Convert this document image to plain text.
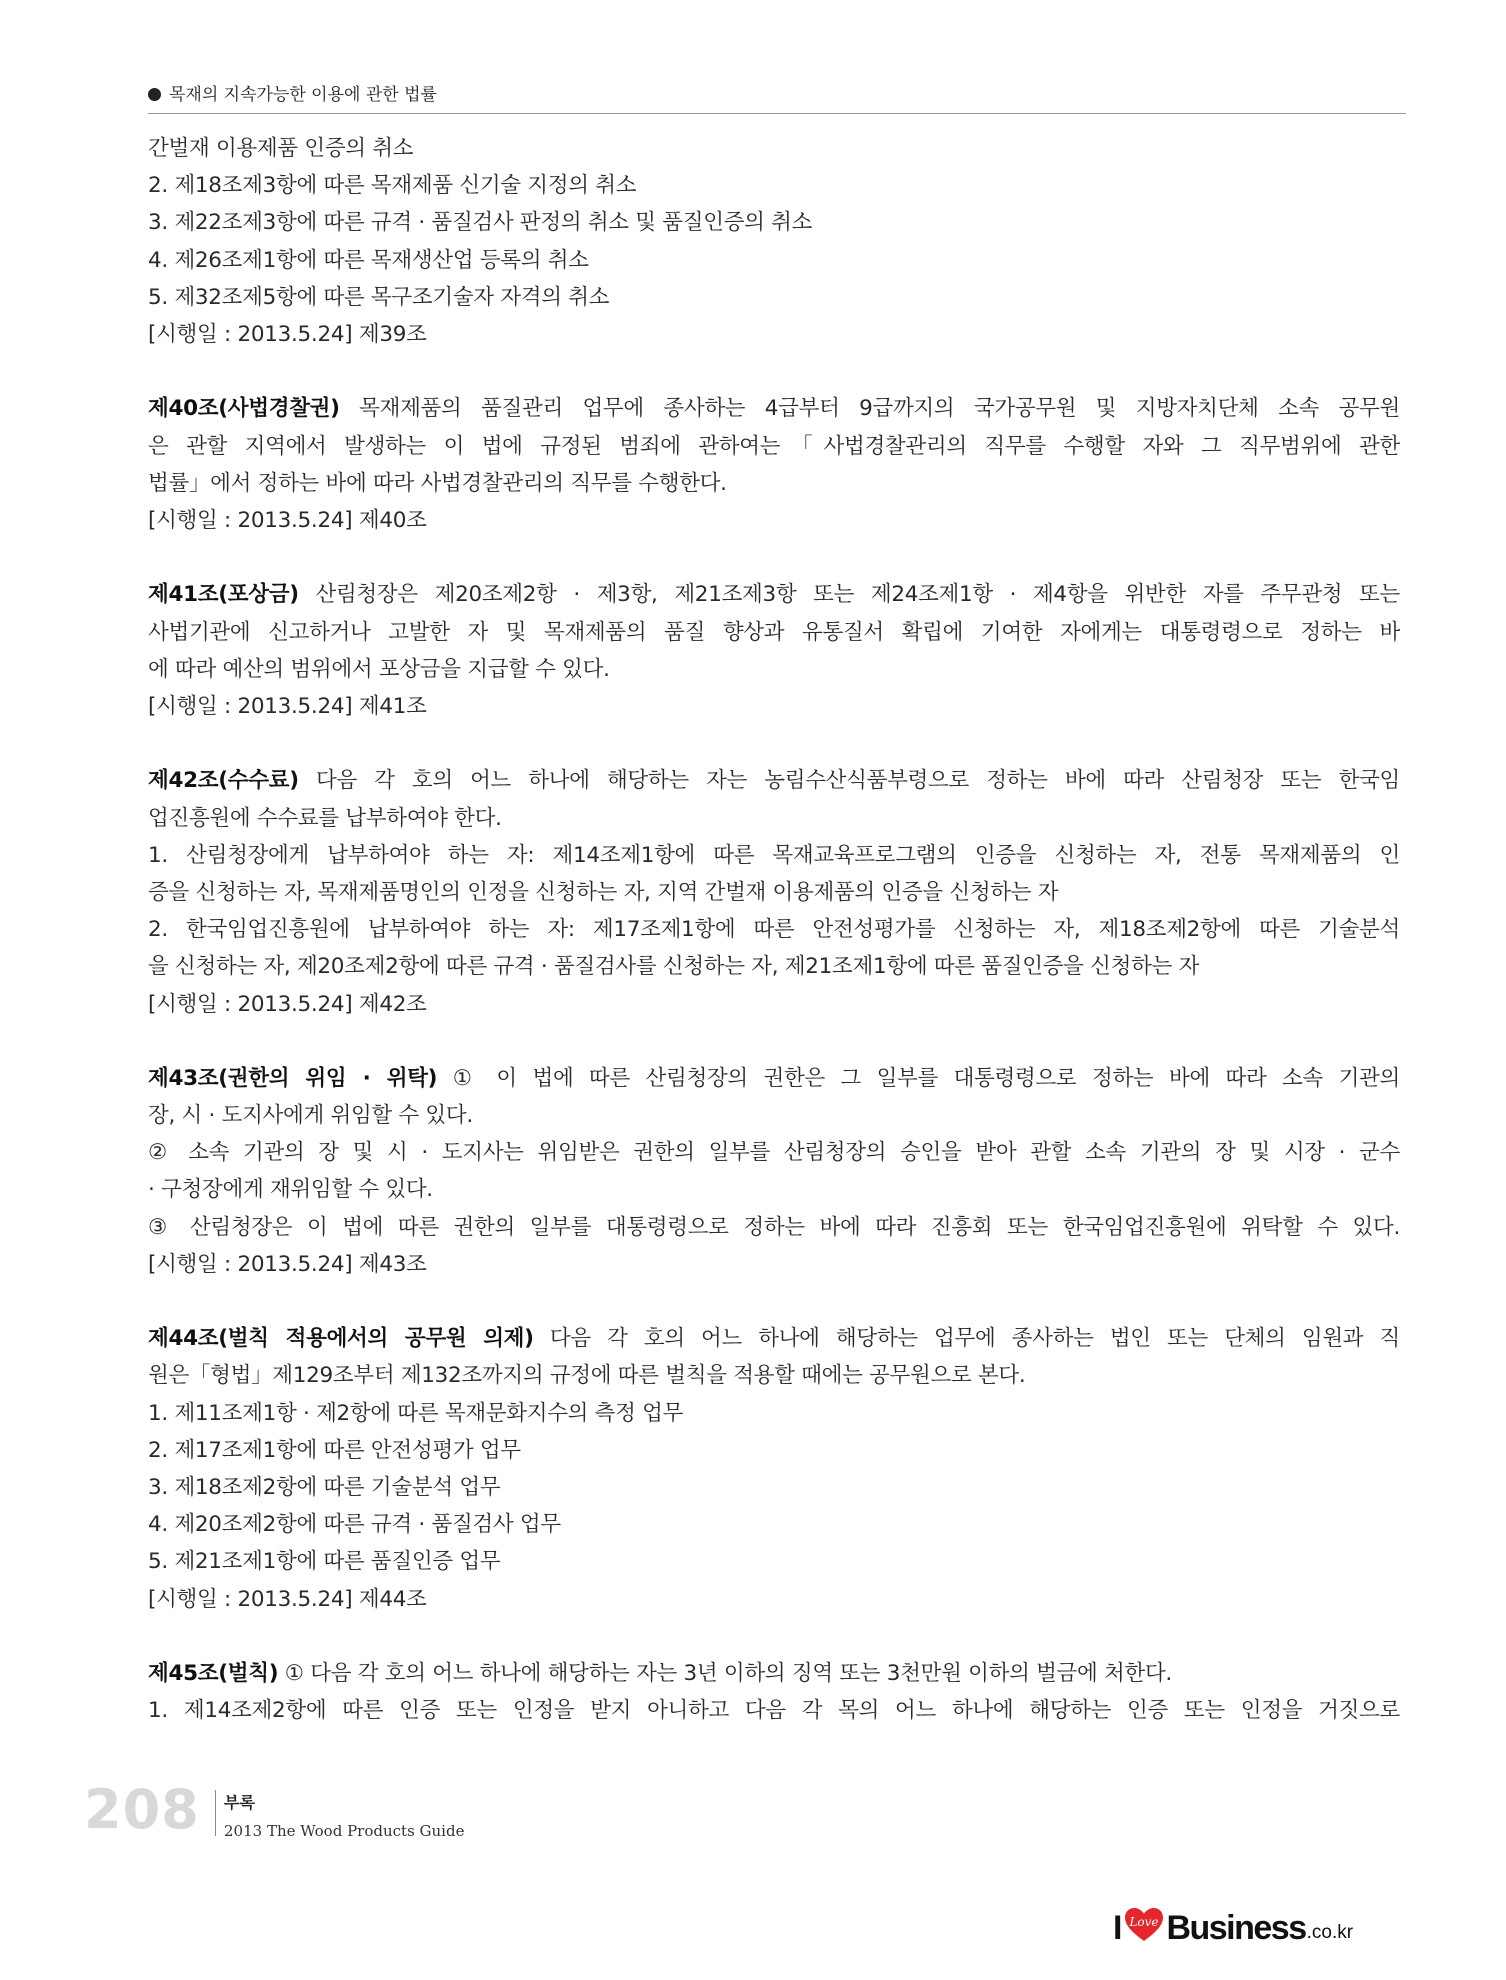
목재의 지속가능한 이용에 관한 법률
간벌재 이용제품 인증의 취소
2. 제18조제3항에 따른 목재제품 신기술 지정의 취소
3. 제22조제3항에 따른 규격 · 품질검사 판정의 취소 및 품질인증의 취소
4. 제26조제1항에 따른 목재생산업 등록의 취소
5. 제32조제5항에 따른 목구조기술자 자격의 취소
[시행일 : 2013.5.24] 제39조
제40조(사법경찰권) 목재제품의 품질관리 업무에 종사하는 4급부터 9급까지의 국가공무원 및 지방자치단체 소속 공무원
은 관할 지역에서 발생하는 이 법에 규정된 범죄에 관하여는「사법경찰관리의 직무를 수행할 자와 그 직무범위에 관한
법률」에서 정하는 바에 따라 사법경찰관리의 직무를 수행한다.
[시행일 : 2013.5.24] 제40조
제41조(포상금) 산림청장은 제20조제2항 · 제3항, 제21조제3항 또는 제24조제1항 · 제4항을 위반한 자를 주무관청 또는
사법기관에 신고하거나 고발한 자 및 목재제품의 품질 향상과 유통질서 확립에 기여한 자에게는 대통령령으로 정하는 바
에 따라 예산의 범위에서 포상금을 지급할 수 있다.
[시행일 : 2013.5.24] 제41조
제42조(수수료) 다음 각 호의 어느 하나에 해당하는 자는 농림수산식품부령으로 정하는 바에 따라 산림청장 또는 한국임
업진흥원에 수수료를 납부하여야 한다.
1. 산림청장에게 납부하여야 하는 자: 제14조제1항에 따른 목재교육프로그램의 인증을 신청하는 자, 전통 목재제품의 인
증을 신청하는 자, 목재제품명인의 인정을 신청하는 자, 지역 간벌재 이용제품의 인증을 신청하는 자
2. 한국임업진흥원에 납부하여야 하는 자: 제17조제1항에 따른 안전성평가를 신청하는 자, 제18조제2항에 따른 기술분석
을 신청하는 자, 제20조제2항에 따른 규격 · 품질검사를 신청하는 자, 제21조제1항에 따른 품질인증을 신청하는 자
[시행일 : 2013.5.24] 제42조
제43조(권한의 위임 · 위탁) ① 이 법에 따른 산림청장의 권한은 그 일부를 대통령령으로 정하는 바에 따라 소속 기관의
장, 시 · 도지사에게 위임할 수 있다.
② 소속 기관의 장 및 시 · 도지사는 위임받은 권한의 일부를 산림청장의 승인을 받아 관할 소속 기관의 장 및 시장 · 군수
· 구청장에게 재위임할 수 있다.
③ 산림청장은 이 법에 따른 권한의 일부를 대통령령으로 정하는 바에 따라 진흥회 또는 한국임업진흥원에 위탁할 수 있다.
[시행일 : 2013.5.24] 제43조
제44조(벌칙 적용에서의 공무원 의제) 다음 각 호의 어느 하나에 해당하는 업무에 종사하는 법인 또는 단체의 임원과 직
원은「형법」제129조부터 제132조까지의 규정에 따른 벌칙을 적용할 때에는 공무원으로 본다.
1. 제11조제1항 · 제2항에 따른 목재문화지수의 측정 업무
2. 제17조제1항에 따른 안전성평가 업무
3. 제18조제2항에 따른 기술분석 업무
4. 제20조제2항에 따른 규격 · 품질검사 업무
5. 제21조제1항에 따른 품질인증 업무
[시행일 : 2013.5.24] 제44조
제45조(벌칙) ① 다음 각 호의 어느 하나에 해당하는 자는 3년 이하의 징역 또는 3천만원 이하의 벌금에 처한다.
1. 제14조제2항에 따른 인증 또는 인정을 받지 아니하고 다음 각 목의 어느 하나에 해당하는 인증 또는 인정을 거짓으로
208 부록
2013 The Wood Products Guide
I Love Business .co.kr
